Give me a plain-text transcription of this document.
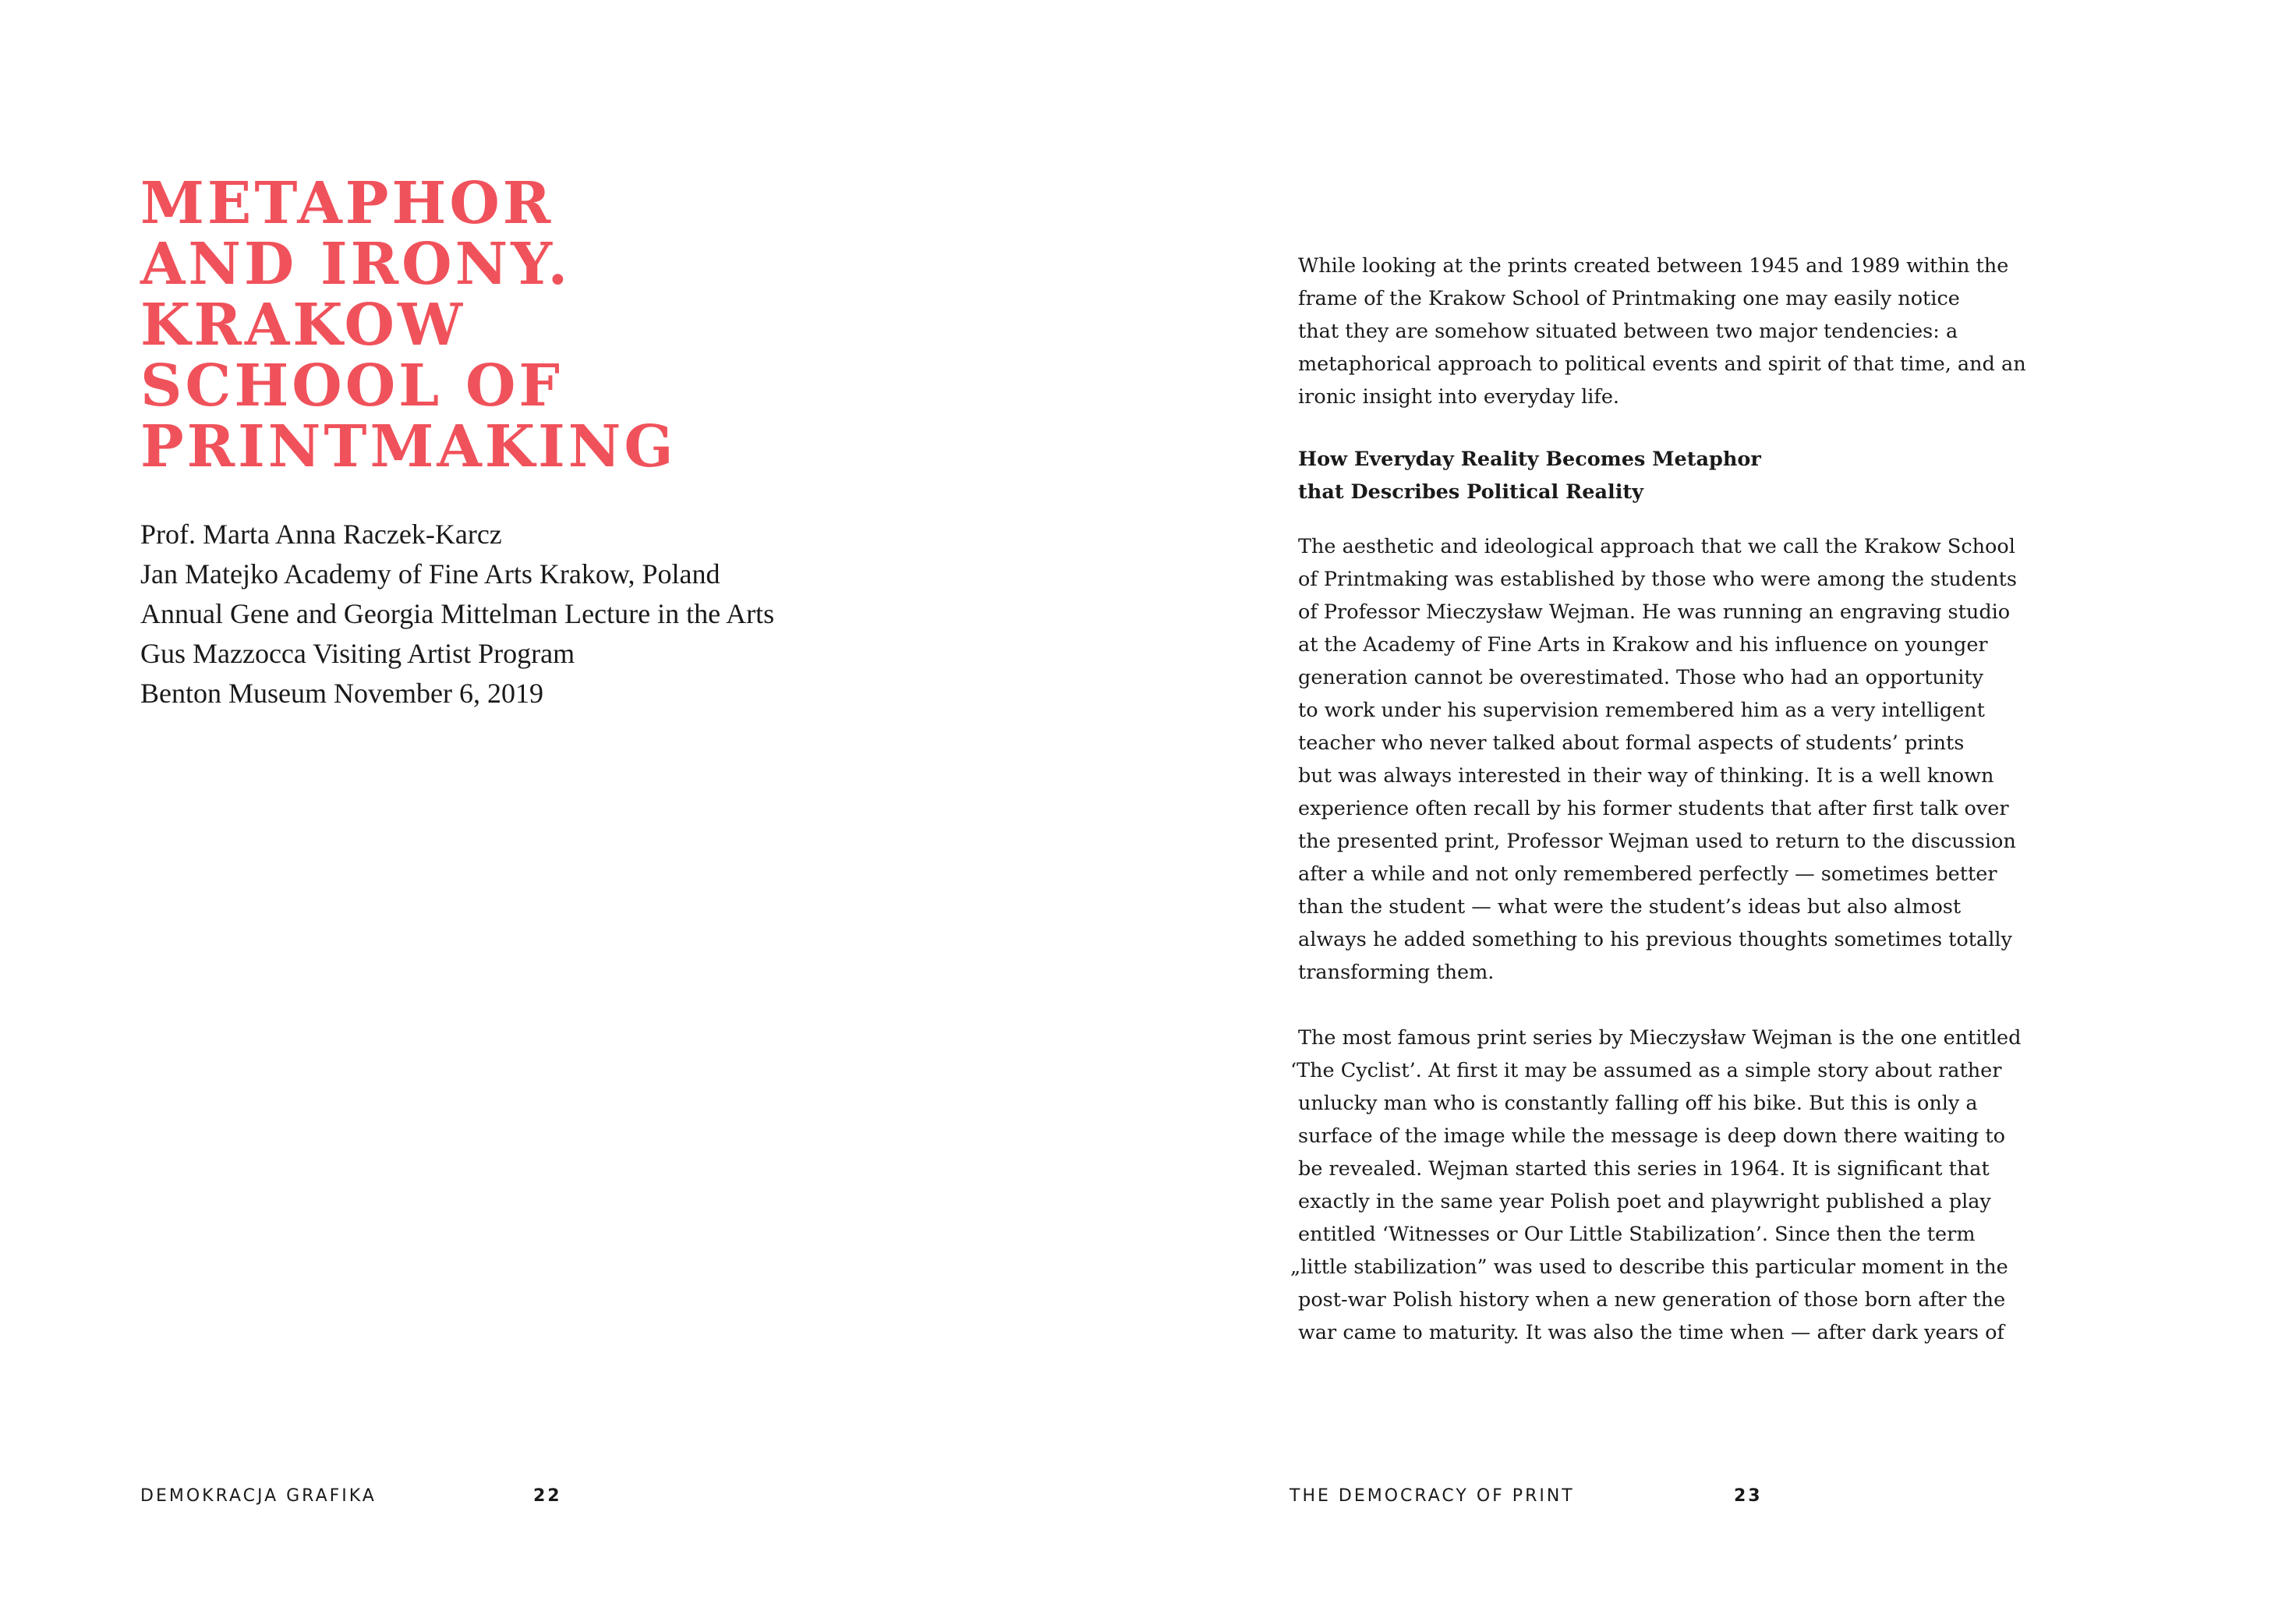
METAPHOR
AND IRONY.
KRAKOW
SCHOOL OF
PRINTMAKING
Prof. Marta Anna Raczek-Karcz
Jan Matejko Academy of Fine Arts Krakow, Poland
Annual Gene and Georgia Mittelman Lecture in the Arts
Gus Mazzocca Visiting Artist Program
Benton Museum November 6, 2019
DEMOKRACJA GRAFIKA	22
While looking at the prints created between 1945 and 1989 within the
frame of the Krakow School of Printmaking one may easily notice
that they are somehow situated between two major tendencies: a
metaphorical approach to political events and spirit of that time, and an
ironic insight into everyday life.
How Everyday Reality Becomes Metaphor
that Describes Political Reality
The aesthetic and ideological approach that we call the Krakow School
of Printmaking was established by those who were among the students
of Professor Mieczysław Wejman. He was running an engraving studio
at the Academy of Fine Arts in Krakow and his influence on younger
generation cannot be overestimated. Those who had an opportunity
to work under his supervision remembered him as a very intelligent
teacher who never talked about formal aspects of students’ prints
but was always interested in their way of thinking. It is a well known
experience often recall by his former students that after first talk over
the presented print, Professor Wejman used to return to the discussion
after a while and not only remembered perfectly — sometimes better
than the student — what were the student’s ideas but also almost
always he added something to his previous thoughts sometimes totally
transforming them.
The most famous print series by Mieczysław Wejman is the one entitled
‘The Cyclist’. At first it may be assumed as a simple story about rather
unlucky man who is constantly falling off his bike. But this is only a
surface of the image while the message is deep down there waiting to
be revealed. Wejman started this series in 1964. It is significant that
exactly in the same year Polish poet and playwright published a play
entitled ‘Witnesses or Our Little Stabilization’. Since then the term
„little stabilization” was used to describe this particular moment in the
post-war Polish history when a new generation of those born after the
war came to maturity. It was also the time when — after dark years of
THE DEMOCRACY OF PRINT	23
